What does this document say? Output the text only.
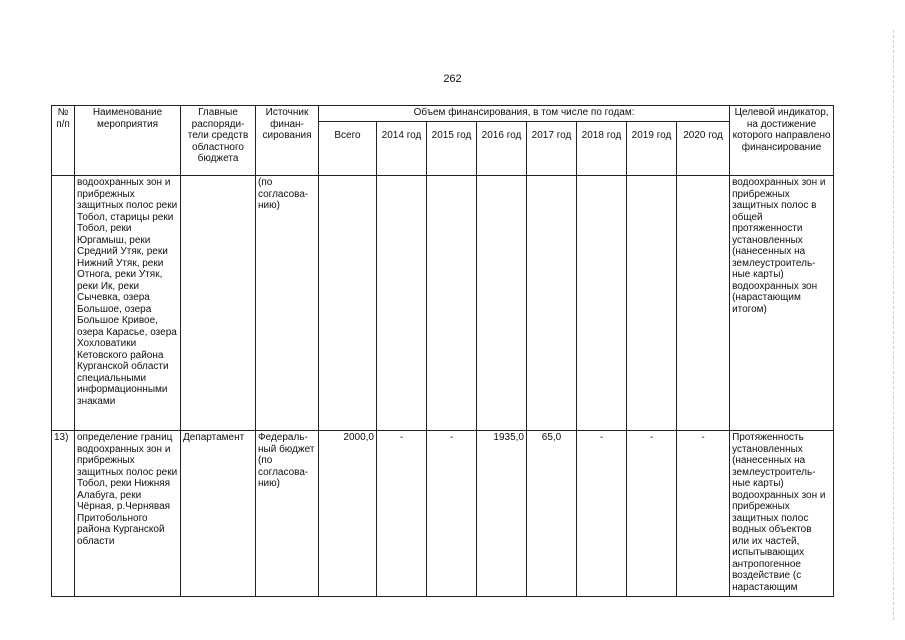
262
№ п/п	Наименование мероприятия	Главные распоряди-тели средств областного бюджета	Источник финан-сирования	Объем финансирования, в том числе по годам:								Целевой индикатор, на достижение которого направлено финансирование
				Всего	2014 год	2015 год	2016 год	2017 год	2018 год	2019 год	2020 год	
	водоохранных зон и прибрежных защитных полос реки Тобол, старицы реки Тобол, реки Юргамыш, реки Средний Утяк, реки Нижний Утяк, реки Отнога, реки Утяк, реки Ик, реки Сычевка, озера Большое, озера Большое Кривое, озера Карасье, озера Хохловатики Кетовского района Курганской области специальными информационными знаками		(по согласова-нию)									водоохранных зон и прибрежных защитных полос в общей протяженности установленных (нанесенных на землеустроитель-ные карты) водоохранных зон (нарастающим итогом)
13)	определение границ водоохранных зон и прибрежных защитных полос реки Тобол, реки Нижняя Алабуга, реки Чёрная, р.Чернявая Притобольного района Курганской области	Департамент	Федераль-ный бюджет (по согласова-нию)	2000,0	-	-	1935,0	65,0	-	-	-	Протяженность установленных (нанесенных на землеустроитель-ные карты) водоохранных зон и прибрежных защитных полос водных объектов или их частей, испытывающих антропогенное воздействие (с нарастающим
